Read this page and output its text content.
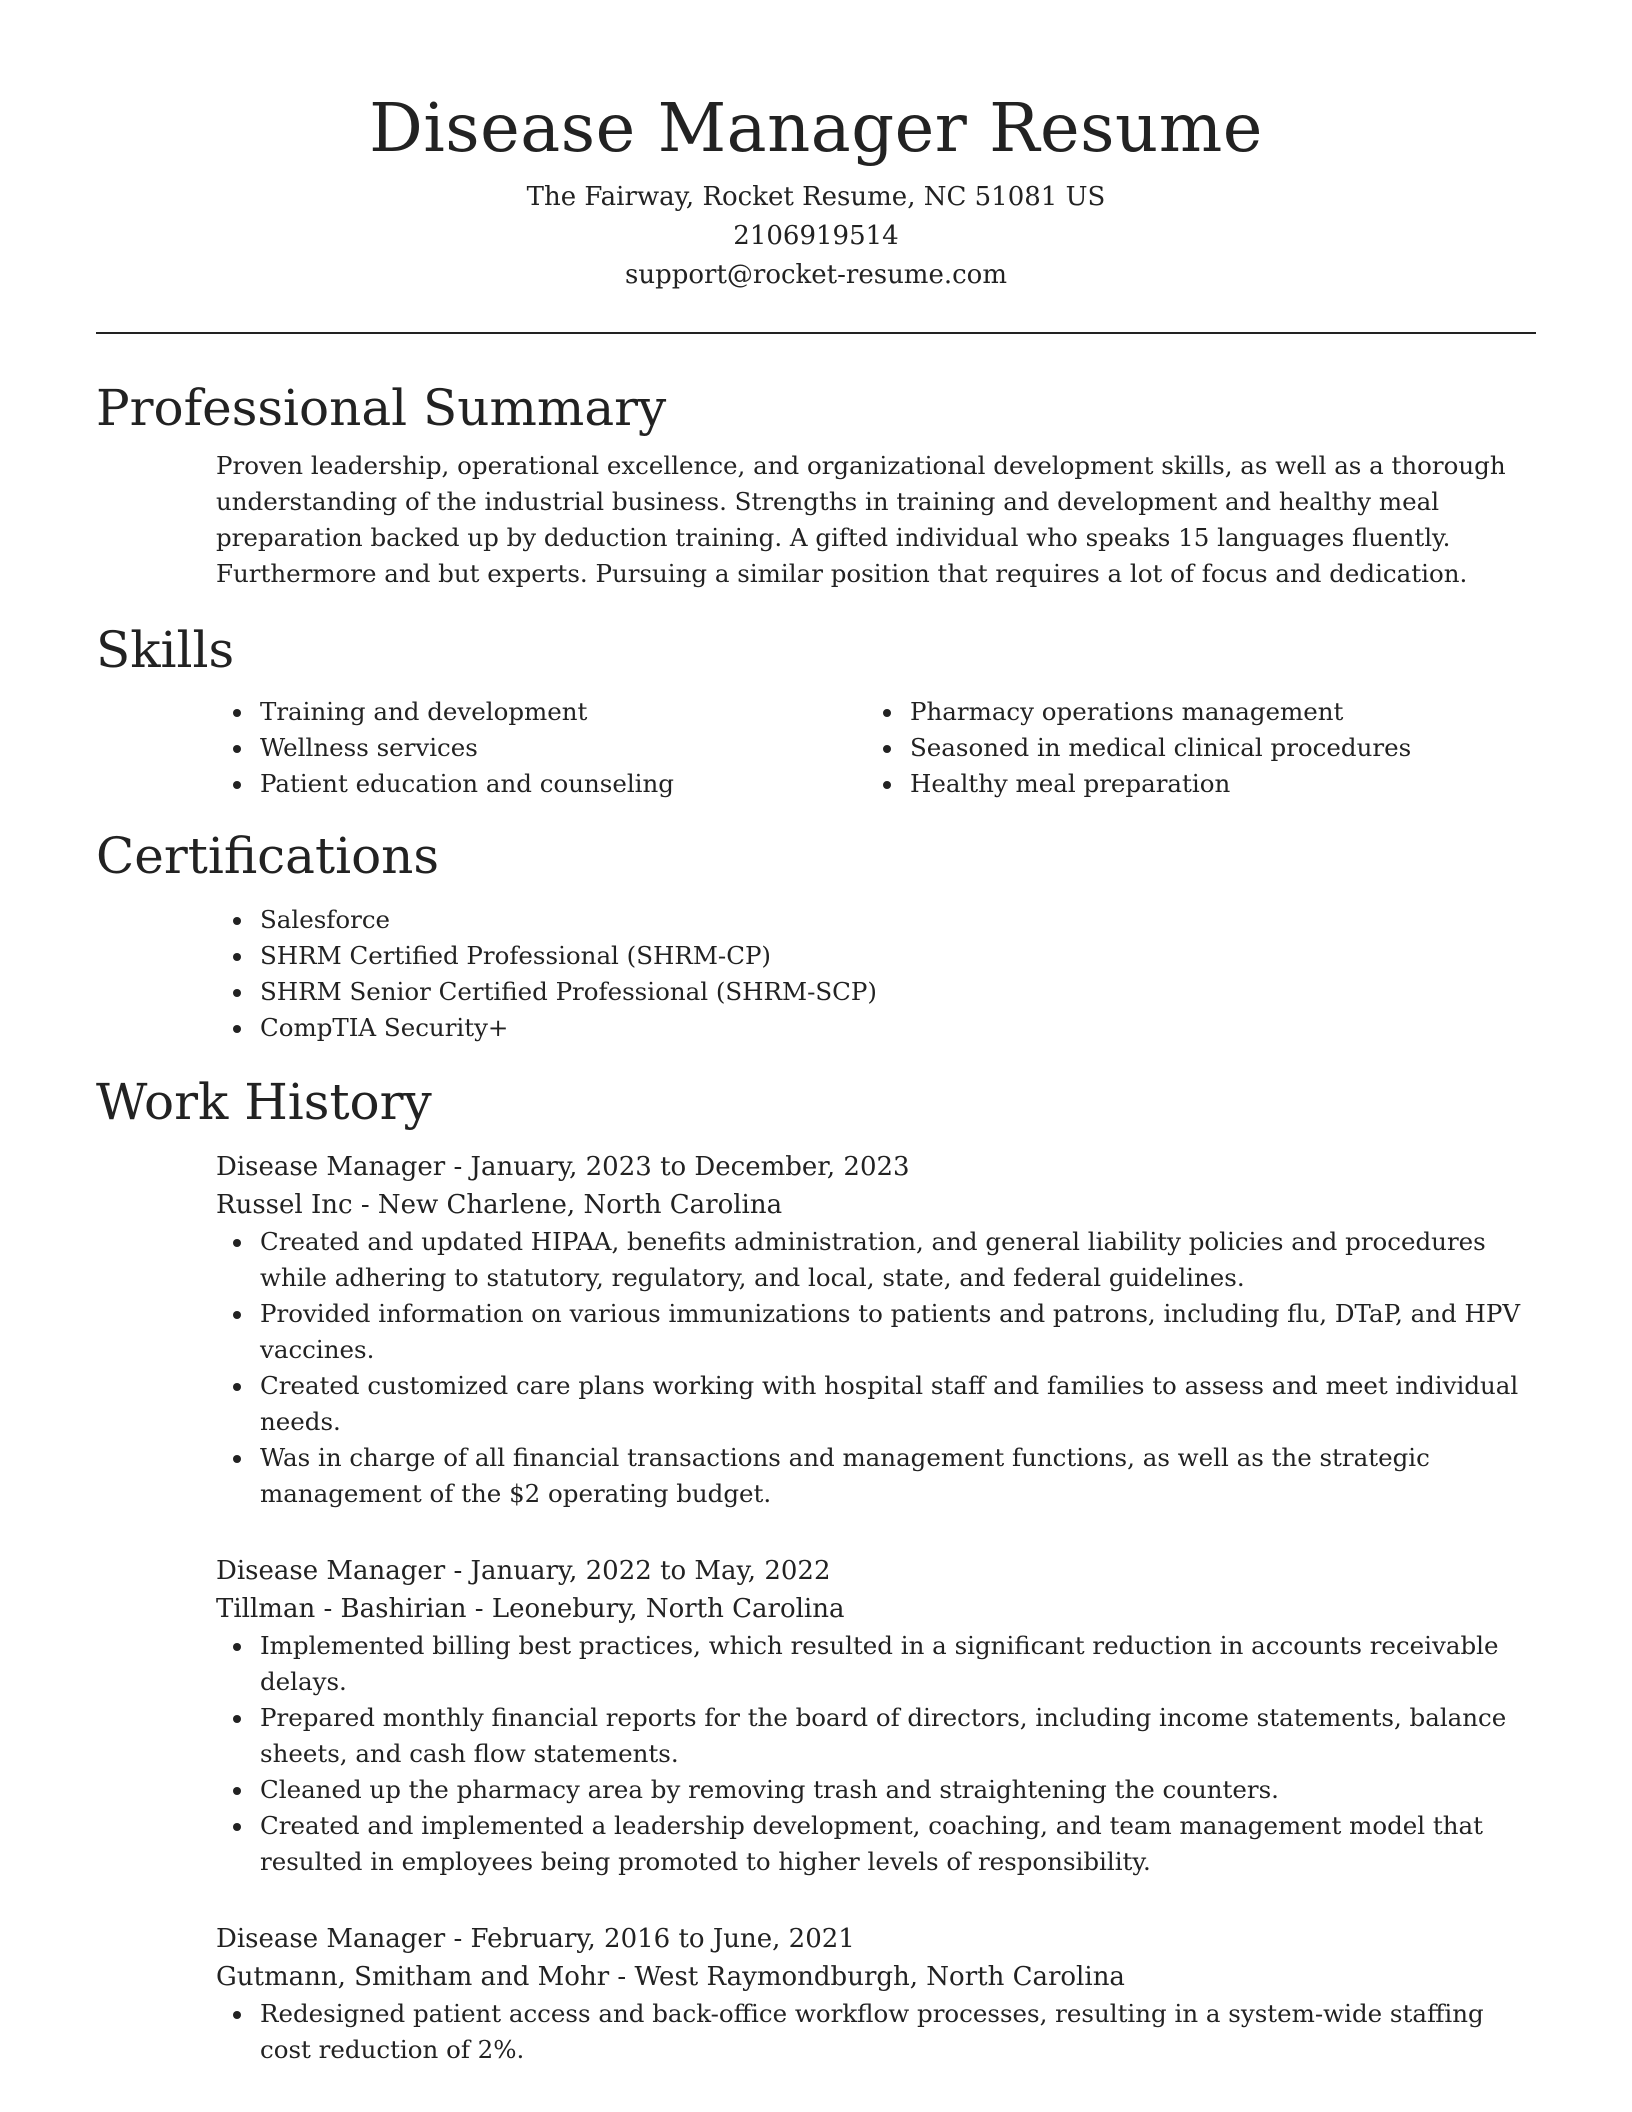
Disease Manager Resume
The Fairway, Rocket Resume, NC 51081 US
2106919514
support@rocket-resume.com
Professional Summary

Proven leadership, operational excellence, and organizational development skills, as well as a thorough understanding of the industrial business. Strengths in training and development and healthy meal preparation backed up by deduction training. A gifted individual who speaks 15 languages fluently. Furthermore and but experts. Pursuing a similar position that requires a lot of focus and dedication.

Skills
Training and development
Wellness services
Patient education and counseling
Pharmacy operations management
Seasoned in medical clinical procedures
Healthy meal preparation
Certifications
Salesforce
SHRM Certified Professional (SHRM-CP)
SHRM Senior Certified Professional (SHRM-SCP)
CompTIA Security+
Work History
Disease Manager - January, 2023 to December, 2023
Russel Inc - New Charlene, North Carolina
Created and updated HIPAA, benefits administration, and general liability policies and procedures while adhering to statutory, regulatory, and local, state, and federal guidelines.
Provided information on various immunizations to patients and patrons, including flu, DTaP, and HPV vaccines.
Created customized care plans working with hospital staff and families to assess and meet individual needs.
Was in charge of all financial transactions and management functions, as well as the strategic management of the $2 operating budget.
Disease Manager - January, 2022 to May, 2022
Tillman - Bashirian - Leonebury, North Carolina
Implemented billing best practices, which resulted in a significant reduction in accounts receivable delays.
Prepared monthly financial reports for the board of directors, including income statements, balance sheets, and cash flow statements.
Cleaned up the pharmacy area by removing trash and straightening the counters.
Created and implemented a leadership development, coaching, and team management model that resulted in employees being promoted to higher levels of responsibility.
Disease Manager - February, 2016 to June, 2021
Gutmann, Smitham and Mohr - West Raymondburgh, North Carolina
Redesigned patient access and back-office workflow processes, resulting in a system-wide staffing cost reduction of 2%.
